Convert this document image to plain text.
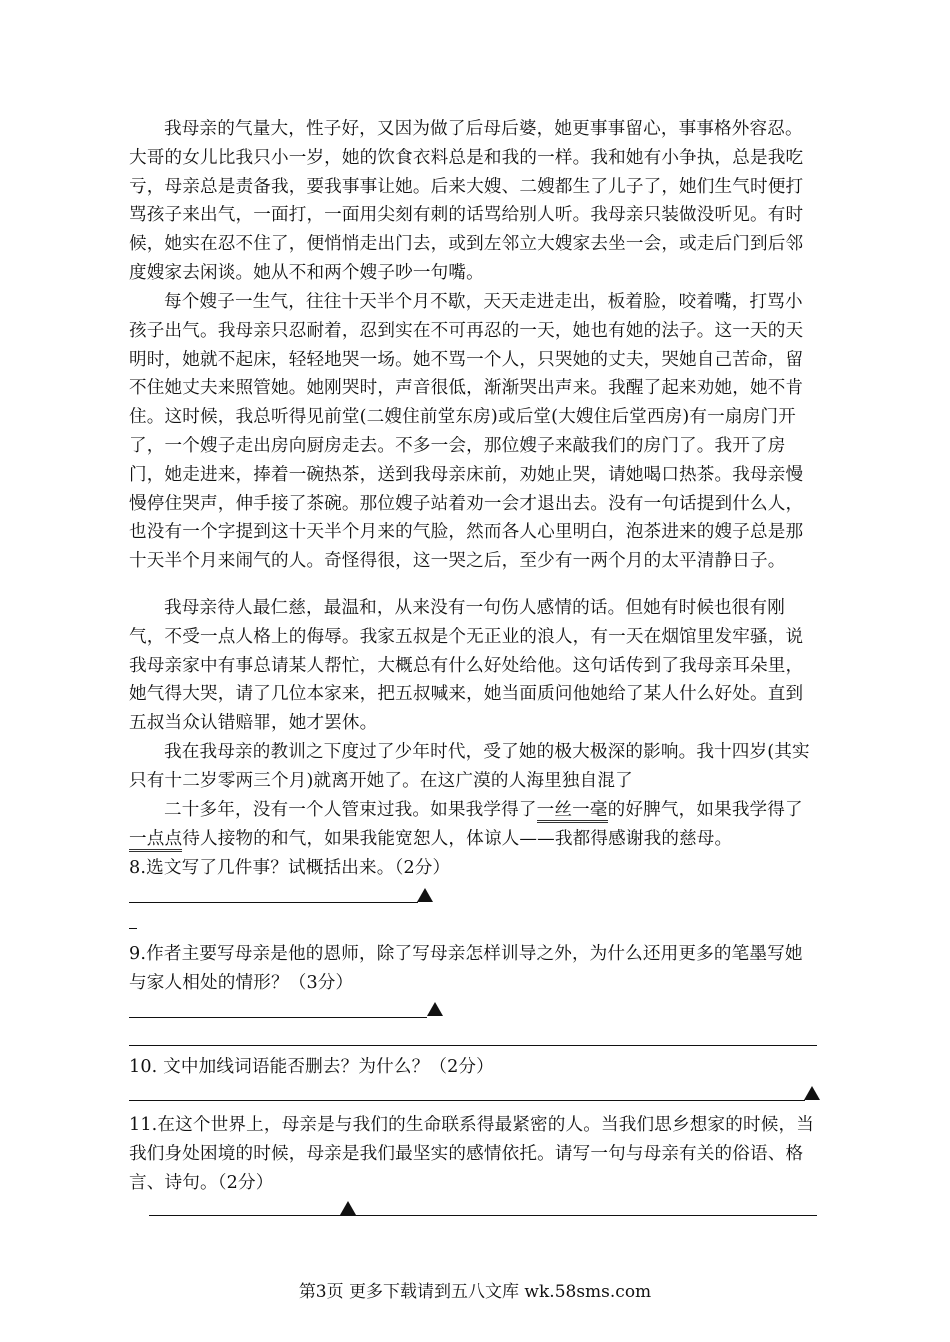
我母亲的气量大，性子好，又因为做了后母后婆，她更事事留心，事事格外容忍。大哥的女儿比我只小一岁，她的饮食衣料总是和我的一样。我和她有小争执，总是我吃亏，母亲总是责备我，要我事事让她。后来大嫂、二嫂都生了儿子了，她们生气时便打骂孩子来出气，一面打，一面用尖刻有刺的话骂给别人听。我母亲只装做没听见。有时候，她实在忍不住了，便悄悄走出门去，或到左邻立大嫂家去坐一会，或走后门到后邻度嫂家去闲谈。她从不和两个嫂子吵一句嘴。
每个嫂子一生气，往往十天半个月不歇，天天走进走出，板着脸，咬着嘴，打骂小孩子出气。我母亲只忍耐着，忍到实在不可再忍的一天，她也有她的法子。这一天的天明时，她就不起床，轻轻地哭一场。她不骂一个人，只哭她的丈夫，哭她自己苦命，留不住她丈夫来照管她。她刚哭时，声音很低，渐渐哭出声来。我醒了起来劝她，她不肯住。这时候，我总听得见前堂(二嫂住前堂东房)或后堂(大嫂住后堂西房)有一扇房门开了，一个嫂子走出房向厨房走去。不多一会，那位嫂子来敲我们的房门了。我开了房门，她走进来，捧着一碗热茶，送到我母亲床前，劝她止哭，请她喝口热茶。我母亲慢慢停住哭声，伸手接了茶碗。那位嫂子站着劝一会才退出去。没有一句话提到什么人，也没有一个字提到这十天半个月来的气脸，然而各人心里明白，泡茶进来的嫂子总是那十天半个月来闹气的人。奇怪得很，这一哭之后，至少有一两个月的太平清静日子。
我母亲待人最仁慈，最温和，从来没有一句伤人感情的话。但她有时候也很有刚气，不受一点人格上的侮辱。我家五叔是个无正业的浪人，有一天在烟馆里发牢骚，说我母亲家中有事总请某人帮忙，大概总有什么好处给他。这句话传到了我母亲耳朵里，她气得大哭，请了几位本家来，把五叔喊来，她当面质问他她给了某人什么好处。直到五叔当众认错赔罪，她才罢休。
我在我母亲的教训之下度过了少年时代，受了她的极大极深的影响。我十四岁(其实只有十二岁零两三个月)就离开她了。在这广漠的人海里独自混了
二十多年，没有一个人管束过我。如果我学得了一丝一毫的好脾气，如果我学得了一点点待人接物的和气，如果我能宽恕人，体谅人——我都得感谢我的慈母。
8.选文写了几件事？试概括出来。（2分）
9.作者主要写母亲是他的恩师，除了写母亲怎样训导之外，为什么还用更多的笔墨写她与家人相处的情形？（3分）
10. 文中加线词语能否删去？为什么？（2分）
11.在这个世界上，母亲是与我们的生命联系得最紧密的人。当我们思乡想家的时候，当我们身处困境的时候，母亲是我们最坚实的感情依托。请写一句与母亲有关的俗语、格言、诗句。（2分）
第3页 更多下载请到五八文库 wk.58sms.com
